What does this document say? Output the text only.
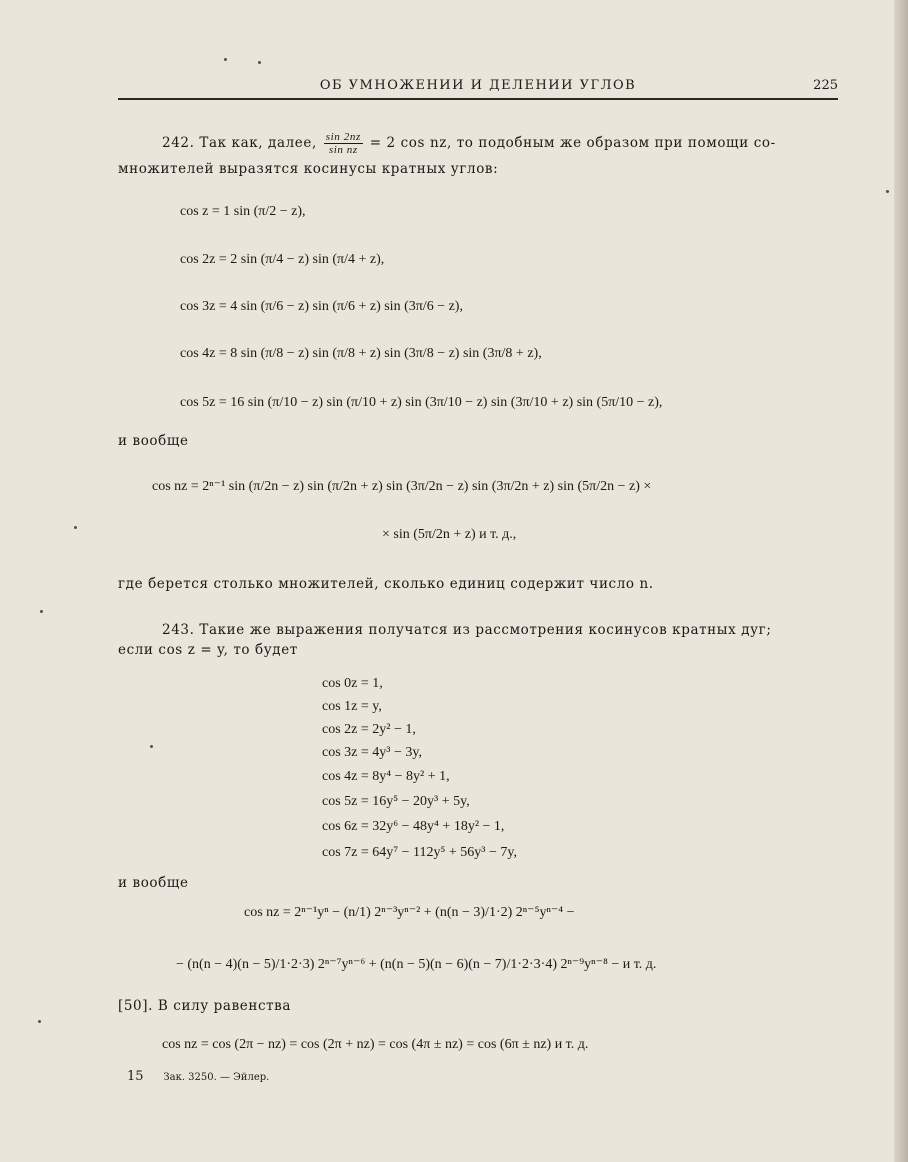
ОБ УМНОЖЕНИИ И ДЕЛЕНИИ УГЛОВ	225
242. Так как, далее, $\frac{\sin 2nz}{\text{sin nz}} = 2$ cos nz, то подобным же образом при помощи со-
множителей выразятся косинусы кратных углов:
cos z = 1 sin (π/2 − z),
cos 2z = 2 sin (π/4 − z) sin (π/4 + z),
cos 3z = 4 sin (π/6 − z) sin (π/6 + z) sin (3π/6 − z),
cos 4z = 8 sin (π/8 − z) sin (π/8 + z) sin (3π/8 − z) sin (3π/8 + z),
cos 5z = 16 sin (π/10 − z) sin (π/10 + z) sin (3π/10 − z) sin (3π/10 + z) sin (5π/10 − z),
и вообще
cos nz = 2ⁿ⁻¹ sin (π/2n − z) sin (π/2n + z) sin (3π/2n − z) sin (3π/2n + z) sin (5π/2n − z) ×
× sin (5π/2n + z) и т. д.,
где берется столько множителей, сколько единиц содержит число n.
243. Такие же выражения получатся из рассмотрения косинусов кратных дуг;
если cos z = y, то будет
cos 0z = 1,
cos 1z = y,
cos 2z = 2y² − 1,
cos 3z = 4y³ − 3y,
cos 4z = 8y⁴ − 8y² + 1,
cos 5z = 16y⁵ − 20y³ + 5y,
cos 6z = 32y⁶ − 48y⁴ + 18y² − 1,
cos 7z = 64y⁷ − 112y⁵ + 56y³ − 7y,
и вообще
cos nz = 2ⁿ⁻¹yⁿ − (n/1) 2ⁿ⁻³yⁿ⁻² + (n(n − 3)/1·2) 2ⁿ⁻⁵yⁿ⁻⁴ −
− (n(n − 4)(n − 5)/1·2·3) 2ⁿ⁻⁷yⁿ⁻⁶ + (n(n − 5)(n − 6)(n − 7)/1·2·3·4) 2ⁿ⁻⁹yⁿ⁻⁸ − и т. д.
[50]. В силу равенства
cos nz = cos (2π − nz) = cos (2π + nz) = cos (4π ± nz) = cos (6π ± nz) и т. д.
15 Зак. 3250. — Эйлер.
